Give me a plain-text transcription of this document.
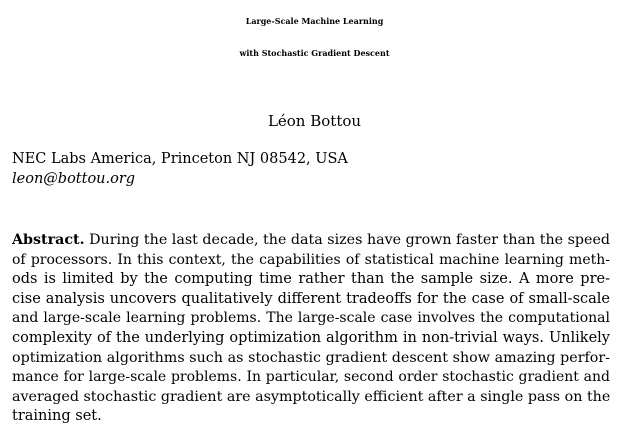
Large-Scale Machine Learning
with Stochastic Gradient Descent
Léon Bottou
NEC Labs America, Princeton NJ 08542, USA
leon@bottou.org
Abstract. During the last decade, the data sizes have grown faster than the speed
of processors. In this context, the capabilities of statistical machine learning meth-
ods is limited by the computing time rather than the sample size. A more pre-
cise analysis uncovers qualitatively different tradeoffs for the case of small-scale
and large-scale learning problems. The large-scale case involves the computational
complexity of the underlying optimization algorithm in non-trivial ways. Unlikely
optimization algorithms such as stochastic gradient descent show amazing perfor-
mance for large-scale problems. In particular, second order stochastic gradient and
averaged stochastic gradient are asymptotically efficient after a single pass on the
training set.
